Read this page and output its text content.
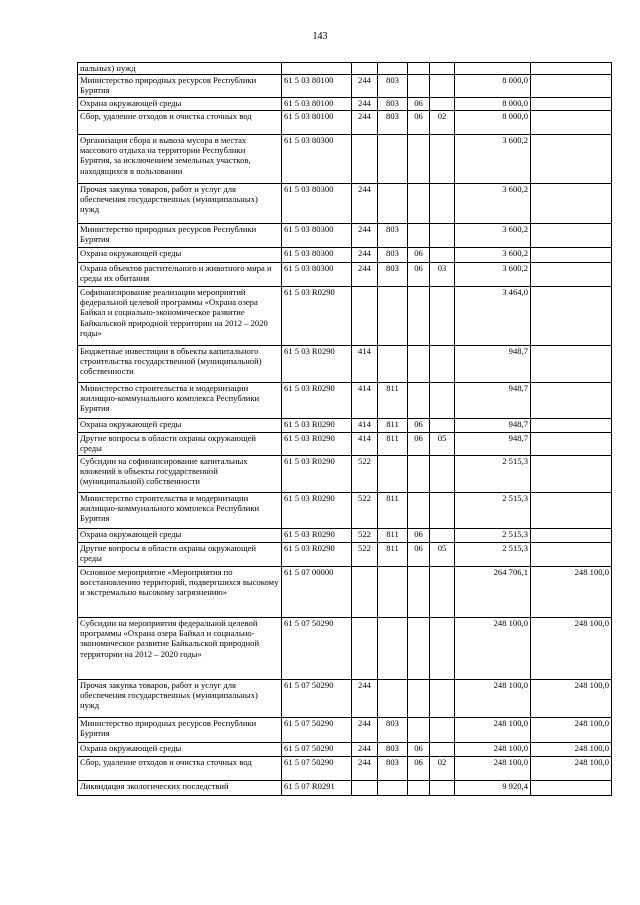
143
пальных) нужд							
Министерство природных ресурсов Республики Бурятия	61 5 03 80100	244	803			8 000,0	
Охрана окружающей среды	61 5 03 80100	244	803	06		8 000,0	
Сбор, удаление отходов и очистка сточных вод	61 5 03 80100	244	803	06	02	8 000,0	
Организация сбора и вывоза мусора в местах массового отдыха на территории Республики Бурятия, за исключением земельных участков, находящихся в пользовании	61 5 03 80300					3 600,2	
Прочая закупка товаров, работ и услуг для обеспечения государственных (муниципальных) нужд	61 5 03 80300	244				3 600,2	
Министерство природных ресурсов Республики Бурятия	61 5 03 80300	244	803			3 600,2	
Охрана окружающей среды	61 5 03 80300	244	803	06		3 600,2	
Охрана объектов растительного и животного мира и среды их обитания	61 5 03 80300	244	803	06	03	3 600,2	
Софинансирование реализации мероприятий федеральной целевой программы «Охрана озера Байкал и социально-экономическое развитие Байкальской природной территории на 2012 – 2020 годы»	61 5 03 R0290					3 464,0	
Бюджетные инвестиции в объекты капитального строительства государственной (муниципальной) собственности	61 5 03 R0290	414				948,7	
Министерство строительства и модернизации жилищно-коммунального комплекса Республики Бурятия	61 5 03 R0290	414	811			948,7	
Охрана окружающей среды	61 5 03 R0290	414	811	06		948,7	
Другие вопросы в области охраны окружающей среды	61 5 03 R0290	414	811	06	05	948,7	
Субсидии на софинансирование капитальных вложений в объекты государственной (муниципальной) собственности	61 5 03 R0290	522				2 515,3	
Министерство строительства и модернизации жилищно-коммунального комплекса Республики Бурятия	61 5 03 R0290	522	811			2 515,3	
Охрана окружающей среды	61 5 03 R0290	522	811	06		2 515,3	
Другие вопросы в области охраны окружающей среды	61 5 03 R0290	522	811	06	05	2 515,3	
Основное мероприятие «Мероприятия по восстановлению территорий, подвергшихся высокому и экстремально высокому загрязнению»	61 5 07 00000					264 706,1	248 100,0
Субсидии на мероприятия федеральной целевой программы «Охрана озера Байкал и социально-экономическое развитие Байкальской природной территории на 2012 – 2020 годы»	61 5 07 50290					248 100,0	248 100,0
Прочая закупка товаров, работ и услуг для обеспечения государственных (муниципальных) нужд	61 5 07 50290	244				248 100,0	248 100,0
Министерство природных ресурсов Республики Бурятия	61 5 07 50290	244	803			248 100,0	248 100,0
Охрана окружающей среды	61 5 07 50290	244	803	06		248 100,0	248 100,0
Сбор, удаление отходов и очистка сточных вод	61 5 07 50290	244	803	06	02	248 100,0	248 100,0
Ликвидация экологических последствий	61 5 07 R0291					9 920,4	
